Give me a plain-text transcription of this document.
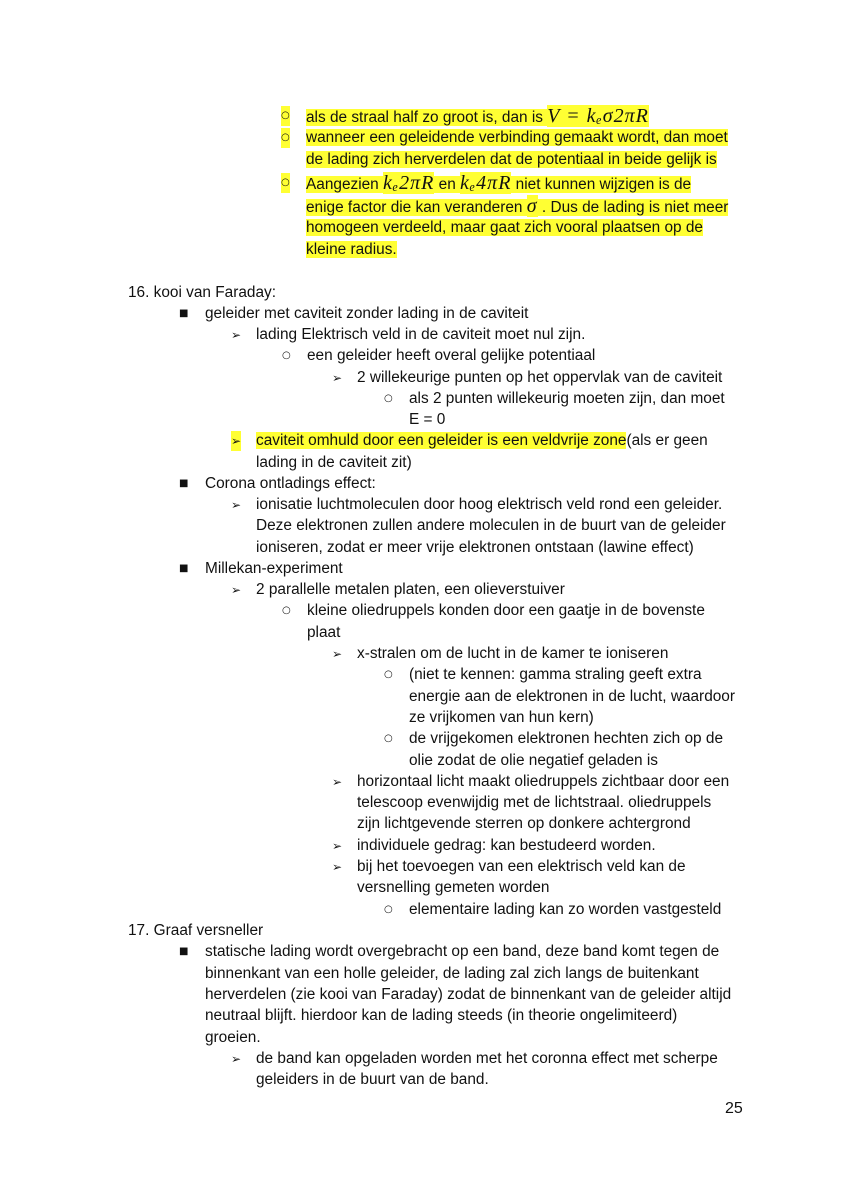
○ als de straal half zo groot is, dan is V = kₑσ2πR
○ wanneer een geleidende verbinding gemaakt wordt, dan moet
de lading zich herverdelen dat de potentiaal in beide gelijk is
○ Aangezien kₑ2πR en kₑ4πR niet kunnen wijzigen is de
enige factor die kan veranderen σ . Dus de lading is niet meer
homogeen verdeeld, maar gaat zich vooral plaatsen op de
kleine radius.
16. kooi van Faraday:
■ geleider met caviteit zonder lading in de caviteit
➢ lading Elektrisch veld in de caviteit moet nul zijn.
○ een geleider heeft overal gelijke potentiaal
➢ 2 willekeurige punten op het oppervlak van de caviteit
○ als 2 punten willekeurig moeten zijn, dan moet
E = 0
➢ caviteit omhuld door een geleider is een veldvrije zone(als er geen
lading in de caviteit zit)
■ Corona ontladings effect:
➢ ionisatie luchtmoleculen door hoog elektrisch veld rond een geleider.
Deze elektronen zullen andere moleculen in de buurt van de geleider
ioniseren, zodat er meer vrije elektronen ontstaan (lawine effect)
■ Millekan-experiment
➢ 2 parallelle metalen platen, een olieverstuiver
○ kleine oliedruppels konden door een gaatje in de bovenste
plaat
➢ x-stralen om de lucht in de kamer te ioniseren
○ (niet te kennen: gamma straling geeft extra
energie aan de elektronen in de lucht, waardoor
ze vrijkomen van hun kern)
○ de vrijgekomen elektronen hechten zich op de
olie zodat de olie negatief geladen is
➢ horizontaal licht maakt oliedruppels zichtbaar door een
telescoop evenwijdig met de lichtstraal. oliedruppels
zijn lichtgevende sterren op donkere achtergrond
➢ individuele gedrag: kan bestudeerd worden.
➢ bij het toevoegen van een elektrisch veld kan de
versnelling gemeten worden
○ elementaire lading kan zo worden vastgesteld
17. Graaf versneller
■ statische lading wordt overgebracht op een band, deze band komt tegen de
binnenkant van een holle geleider, de lading zal zich langs de buitenkant
herverdelen (zie kooi van Faraday) zodat de binnenkant van de geleider altijd
neutraal blijft. hierdoor kan de lading steeds (in theorie ongelimiteerd)
groeien.
➢ de band kan opgeladen worden met het coronna effect met scherpe
geleiders in de buurt van de band.
25
